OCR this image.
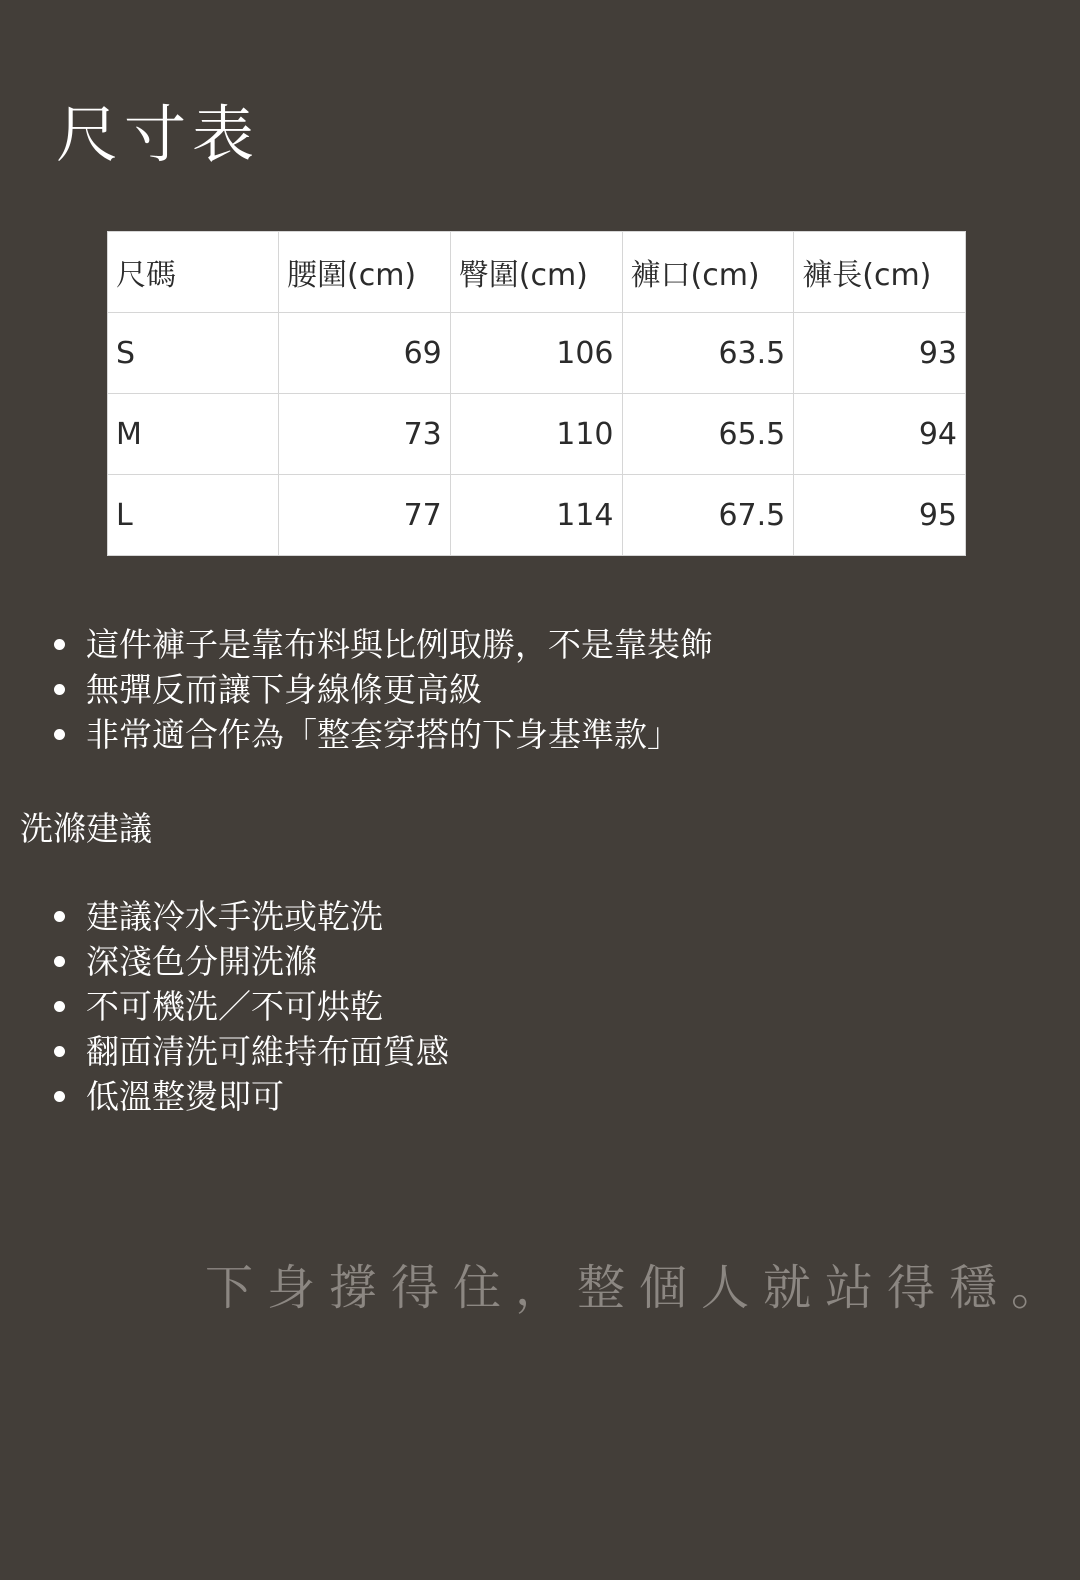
尺寸表
尺碼	腰圍(cm)	臀圍(cm)	褲口(cm)	褲長(cm)
S	69	106	63.5	93
M	73	110	65.5	94
L	77	114	67.5	95
這件褲子是靠布料與比例取勝，不是靠裝飾
無彈反而讓下身線條更高級
非常適合作為「整套穿搭的下身基準款」
洗滌建議
建議冷水手洗或乾洗
深淺色分開洗滌
不可機洗／不可烘乾
翻面清洗可維持布面質感
低溫整燙即可
下身撐得住，整個人就站得穩。
